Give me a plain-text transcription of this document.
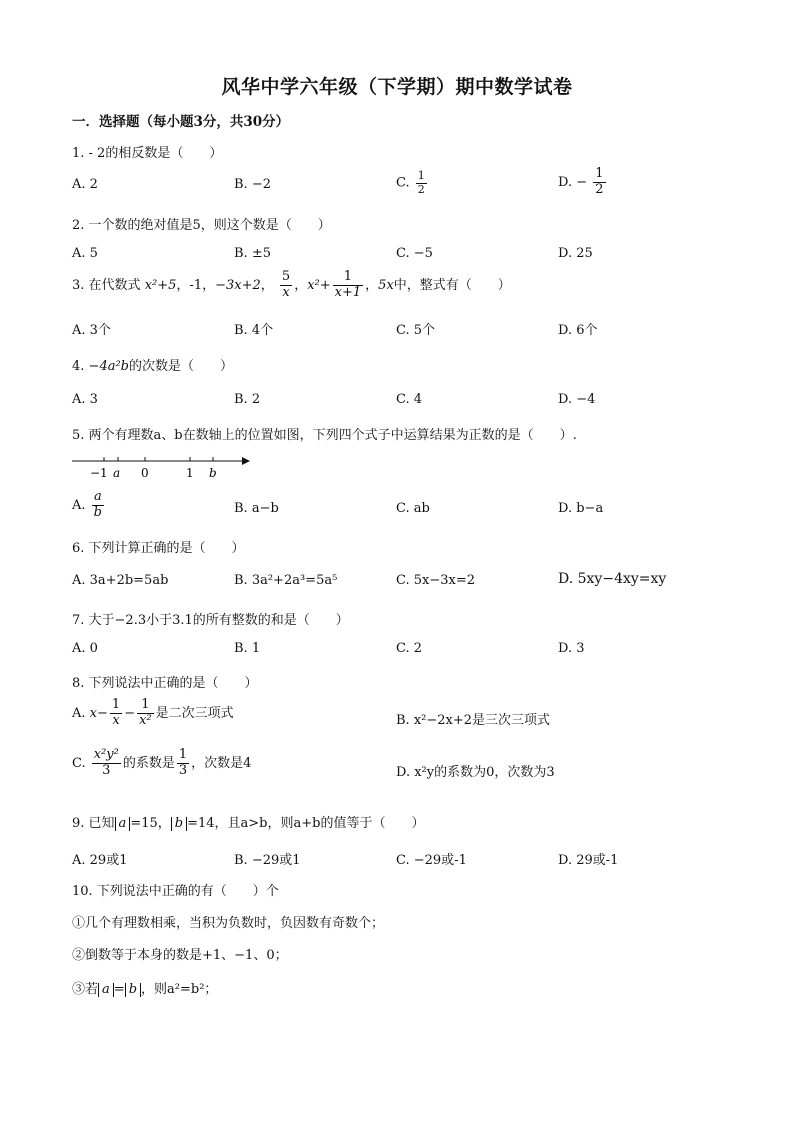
风华中学六年级（下学期）期中数学试卷
一．选择题（每小题3分，共30分）
1. - 2的相反数是（　　）
A. 2	B. −2	C. $\frac{1}{2}$	D. − $\frac{1}{2}$
2. 一个数的绝对值是5，则这个数是（　　）
A. 5	B. ±5	C. −5	D. 25
3. 在代数式 x²+5，-1，−3x+2， $\frac{5}{x}$ ，$x^2+ \frac{1}{x+1}$ ，5x中，整式有（　　）
A. 3个	B. 4个	C. 5个	D. 6个
4. −4a²b的次数是（　　）
A. 3	B. 2	C. 4	D. −4
5. 两个有理数a、b在数轴上的位置如图，下列四个式子中运算结果为正数的是（　　）.
−1 a 0	1 b
A. $\frac{a}{b}$	B. a−b	C. ab	D. b−a
6. 下列计算正确的是（　　）
A. 3a+2b=5ab	B. 3a²+2a³=5a⁵	C. 5x−3x=2	D. 5xy−4xy=xy
7. 大于−2.3小于3.1的所有整数的和是（　　）
A. 0	B. 1	C. 2	D. 3
8. 下列说法中正确的是（　　）
A. $x- \frac{1}{x} - \frac{1}{\text{x²}}$ 是二次三项式	B. x²−2x+2是三次三项式
C. $\frac{\text{x²y²}}{3}$ 的系数是 $\frac{1}{3}$ ，次数是4
D. x²y的系数为0，次数为3
9. 已知 a =15， b =14，且a>b，则a+b的值等于（　　）
A. 29或1	B. −29或1	C. −29或-1	D. 29或-1
10. 下列说法中正确的有（　　）个
①几个有理数相乘，当积为负数时，负因数有奇数个；
②倒数等于本身的数是+1、−1、0；
③若 a = b ，则a²=b²；
